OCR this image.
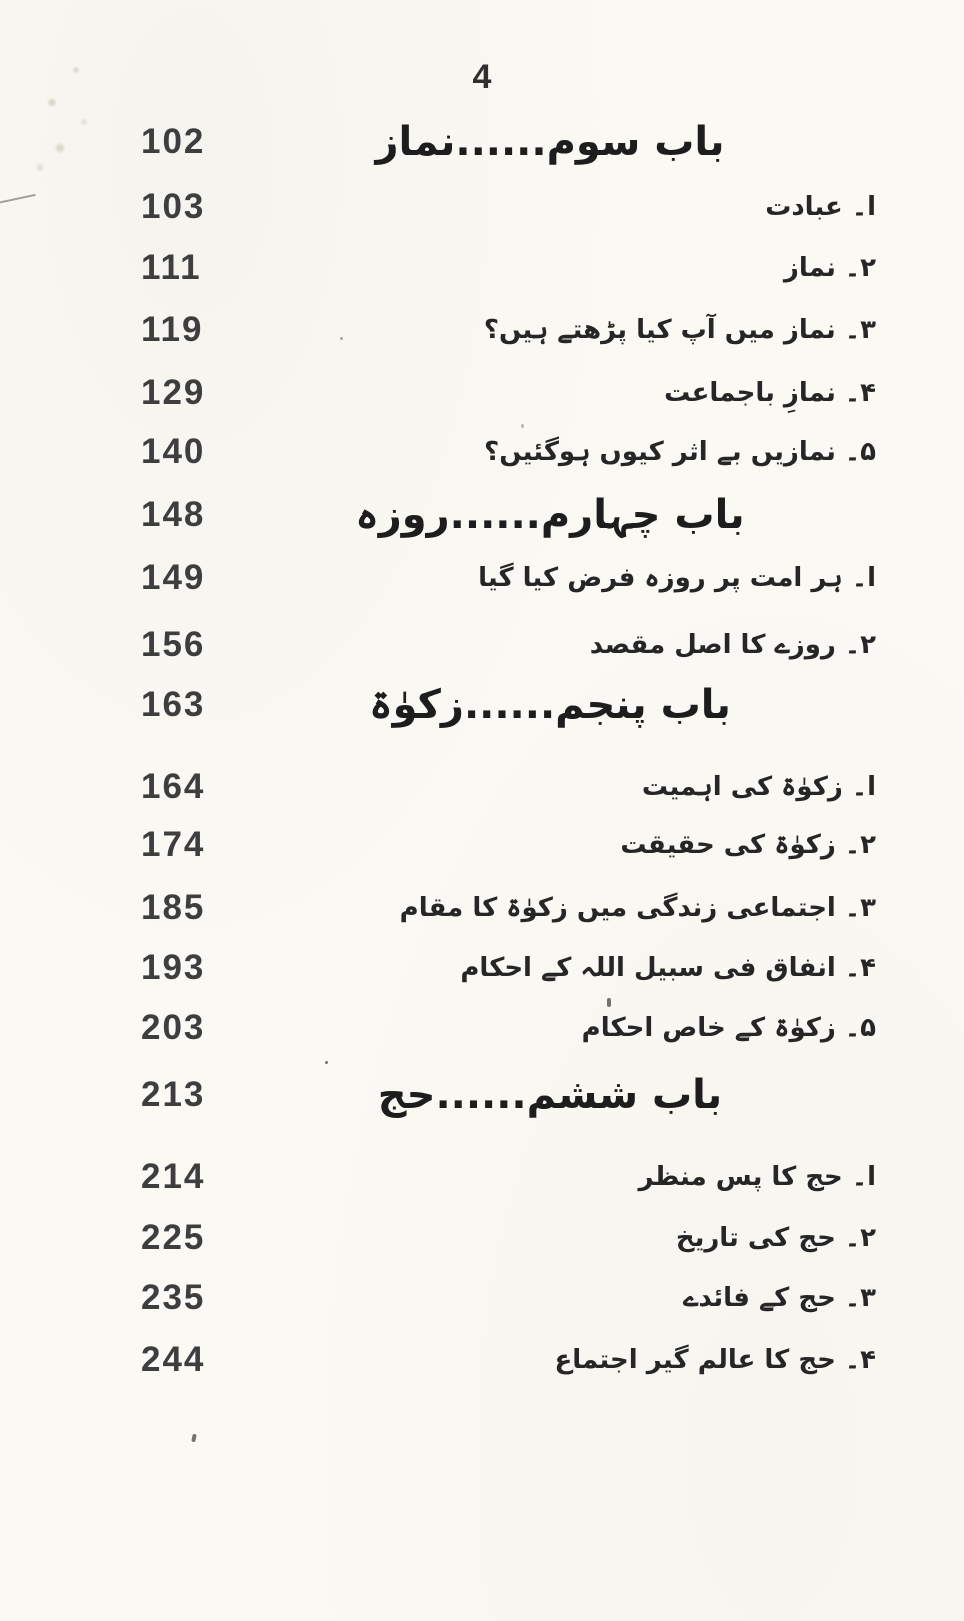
4
102	باب سوم......نماز
103	ا۔ عبادت
111	۲۔ نماز
119	۳۔ نماز میں آپ کیا پڑھتے ہیں؟
129	۴۔ نمازِ باجماعت
140	۵۔ نمازیں بے اثر کیوں ہوگئیں؟
148	باب چہارم......روزہ
149	ا۔ ہر امت پر روزہ فرض کیا گیا
156	۲۔ روزے کا اصل مقصد
163	باب پنجم......زکوٰۃ
164	ا۔ زکوٰۃ کی اہمیت
174	۲۔ زکوٰۃ کی حقیقت
185	۳۔ اجتماعی زندگی میں زکوٰۃ کا مقام
193	۴۔ انفاق فی سبیل اللہ کے احکام
203	۵۔ زکوٰۃ کے خاص احکام
213	باب ششم......حج
214	ا۔ حج کا پس منظر
225	۲۔ حج کی تاریخ
235	۳۔ حج کے فائدے
244	۴۔ حج کا عالم گیر اجتماع
